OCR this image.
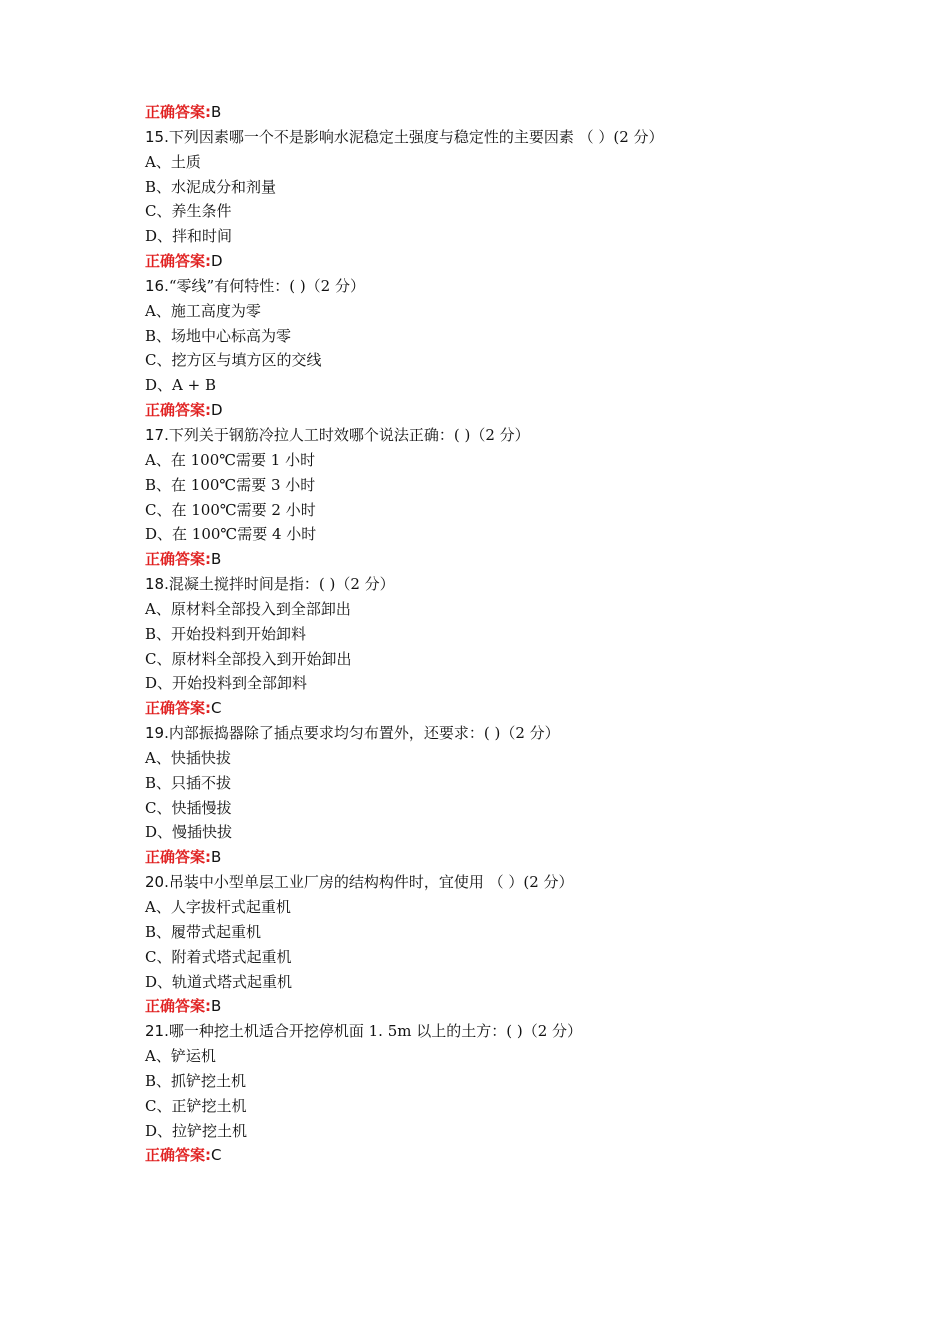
正确答案:B
15.下列因素哪一个不是影响水泥稳定土强度与稳定性的主要因素 （ ）(2 分）
A、土质
B、水泥成分和剂量
C、养生条件
D、拌和时间
正确答案:D
16.“零线”有何特性：( )（2 分）
A、施工高度为零
B、场地中心标高为零
C、挖方区与填方区的交线
D、A + B
正确答案:D
17.下列关于钢筋冷拉人工时效哪个说法正确：( )（2 分）
A、在 100℃需要 1 小时
B、在 100℃需要 3 小时
C、在 100℃需要 2 小时
D、在 100℃需要 4 小时
正确答案:B
18.混凝土搅拌时间是指：( )（2 分）
A、原材料全部投入到全部卸出
B、开始投料到开始卸料
C、原材料全部投入到开始卸出
D、开始投料到全部卸料
正确答案:C
19.内部振捣器除了插点要求均匀布置外，还要求：( )（2 分）
A、快插快拔
B、只插不拔
C、快插慢拔
D、慢插快拔
正确答案:B
20.吊装中小型单层工业厂房的结构构件时，宜使用 （ ）(2 分）
A、人字拔杆式起重机
B、履带式起重机
C、附着式塔式起重机
D、轨道式塔式起重机
正确答案:B
21.哪一种挖土机适合开挖停机面 1. 5m 以上的土方：( )（2 分）
A、铲运机
B、抓铲挖土机
C、正铲挖土机
D、拉铲挖土机
正确答案:C
